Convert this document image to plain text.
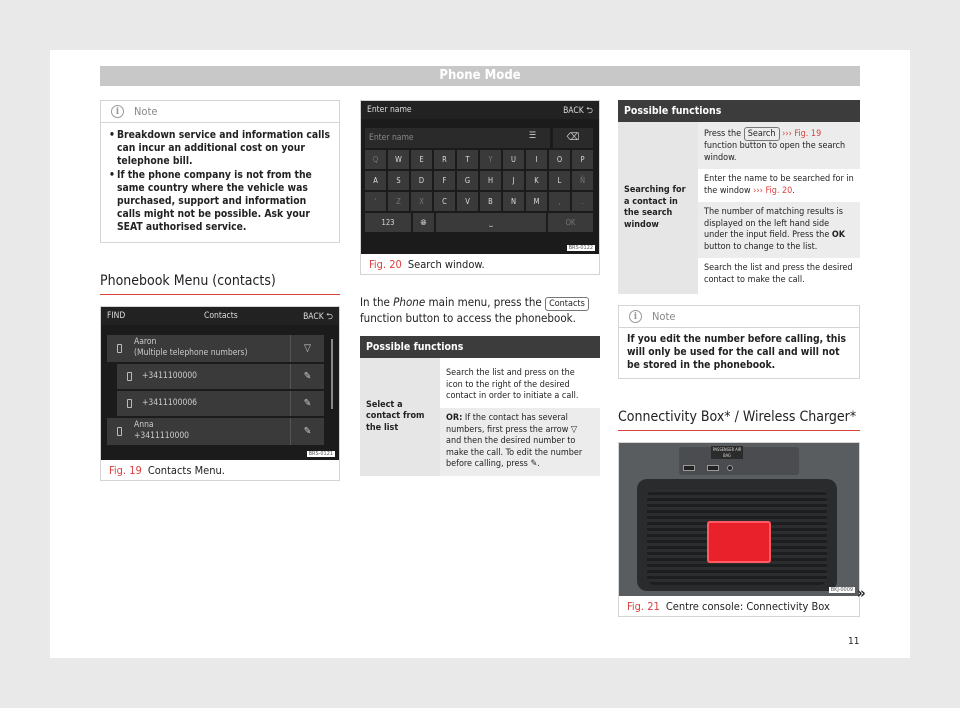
Phone Mode
i	Note
• Breakdown service and information calls can incur an additional cost on your telephone bill.
• If the phone company is not from the same country where the vehicle was purchased, support and information calls might not be possible. Ask your SEAT authorised service.
Phonebook Menu (contacts)
FIND	Contacts	BACK ⮌
Aaron
(Multiple telephone numbers)	▽
+3411100000	✎
+3411100006	✎
Anna
+3411110000	✎
BRS-0121
Fig. 19 Contacts Menu.
Enter name	BACK ⮌
Enter name	☰	⌫
Q	W	E	R	T	Y	U	I	O	P
A	S	D	F	G	H	J	K	L	Ñ
'	Z	X	C	V	B	N	M	,	.
123	🌐︎	⎵	OK
BRS-0122
Fig. 20 Search window.

In the Phone main menu, press the Contacts function button to access the phonebook.

Possible functions
Select a contact from the list	Search the list and press on the icon to the right of the desired contact in order to initiate a call.
OR: If the contact has several numbers, first press the arrow ▽ and then the desired number to make the call. To edit the number before calling, press ✎.
Possible functions
Searching for a contact in the search window	Press the Search ››› Fig. 19 function button to open the search window.
Enter the name to be searched for in the window ››› Fig. 20.
The number of matching results is displayed on the left hand side under the input field. Press the OK button to change to the list.
Search the list and press the desired contact to make the call.
i	Note
If you edit the number before calling, this will only be used for the call and will not be stored in the phonebook.
Connectivity Box* / Wireless Charger*
PASSENGER AIR BAG
BKJ-0009
Fig. 21 Centre console: Connectivity Box
»
11
